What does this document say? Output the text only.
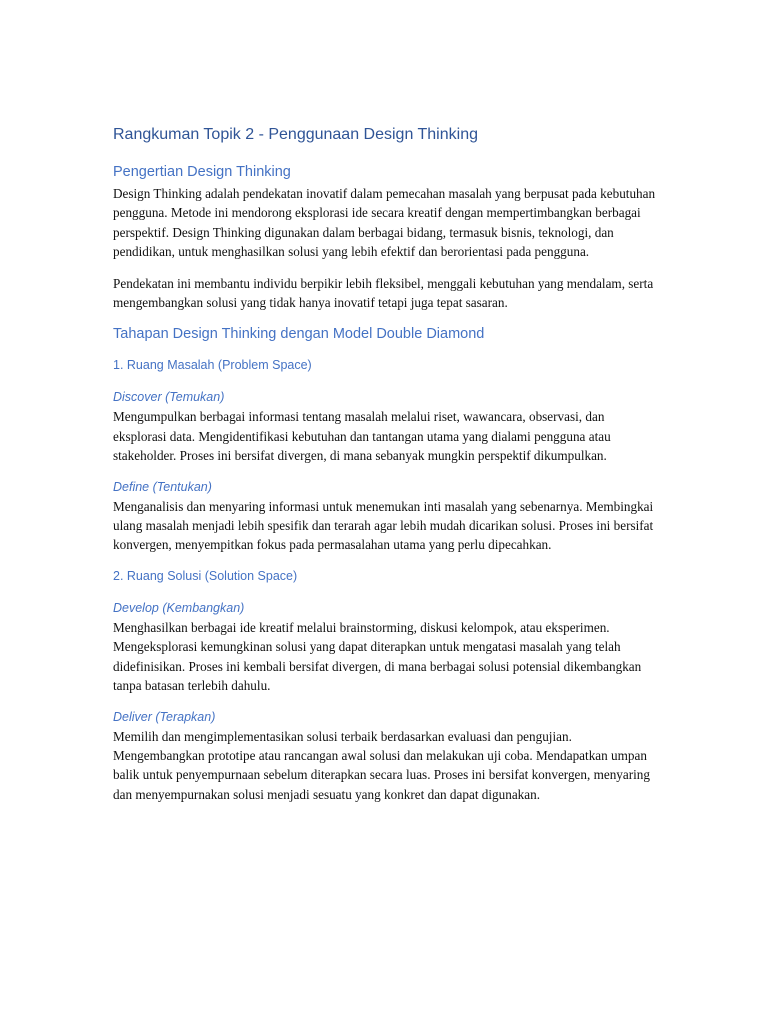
Rangkuman Topik 2 - Penggunaan Design Thinking
Pengertian Design Thinking
Design Thinking adalah pendekatan inovatif dalam pemecahan masalah yang berpusat pada kebutuhan pengguna. Metode ini mendorong eksplorasi ide secara kreatif dengan mempertimbangkan berbagai perspektif. Design Thinking digunakan dalam berbagai bidang, termasuk bisnis, teknologi, dan pendidikan, untuk menghasilkan solusi yang lebih efektif dan berorientasi pada pengguna.
Pendekatan ini membantu individu berpikir lebih fleksibel, menggali kebutuhan yang mendalam, serta mengembangkan solusi yang tidak hanya inovatif tetapi juga tepat sasaran.
Tahapan Design Thinking dengan Model Double Diamond
1. Ruang Masalah (Problem Space)
Discover (Temukan)
Mengumpulkan berbagai informasi tentang masalah melalui riset, wawancara, observasi, dan eksplorasi data. Mengidentifikasi kebutuhan dan tantangan utama yang dialami pengguna atau stakeholder. Proses ini bersifat divergen, di mana sebanyak mungkin perspektif dikumpulkan.
Define (Tentukan)
Menganalisis dan menyaring informasi untuk menemukan inti masalah yang sebenarnya. Membingkai ulang masalah menjadi lebih spesifik dan terarah agar lebih mudah dicarikan solusi. Proses ini bersifat konvergen, menyempitkan fokus pada permasalahan utama yang perlu dipecahkan.
2. Ruang Solusi (Solution Space)
Develop (Kembangkan)
Menghasilkan berbagai ide kreatif melalui brainstorming, diskusi kelompok, atau eksperimen. Mengeksplorasi kemungkinan solusi yang dapat diterapkan untuk mengatasi masalah yang telah didefinisikan. Proses ini kembali bersifat divergen, di mana berbagai solusi potensial dikembangkan tanpa batasan terlebih dahulu.
Deliver (Terapkan)
Memilih dan mengimplementasikan solusi terbaik berdasarkan evaluasi dan pengujian. Mengembangkan prototipe atau rancangan awal solusi dan melakukan uji coba. Mendapatkan umpan balik untuk penyempurnaan sebelum diterapkan secara luas. Proses ini bersifat konvergen, menyaring dan menyempurnakan solusi menjadi sesuatu yang konkret dan dapat digunakan.
